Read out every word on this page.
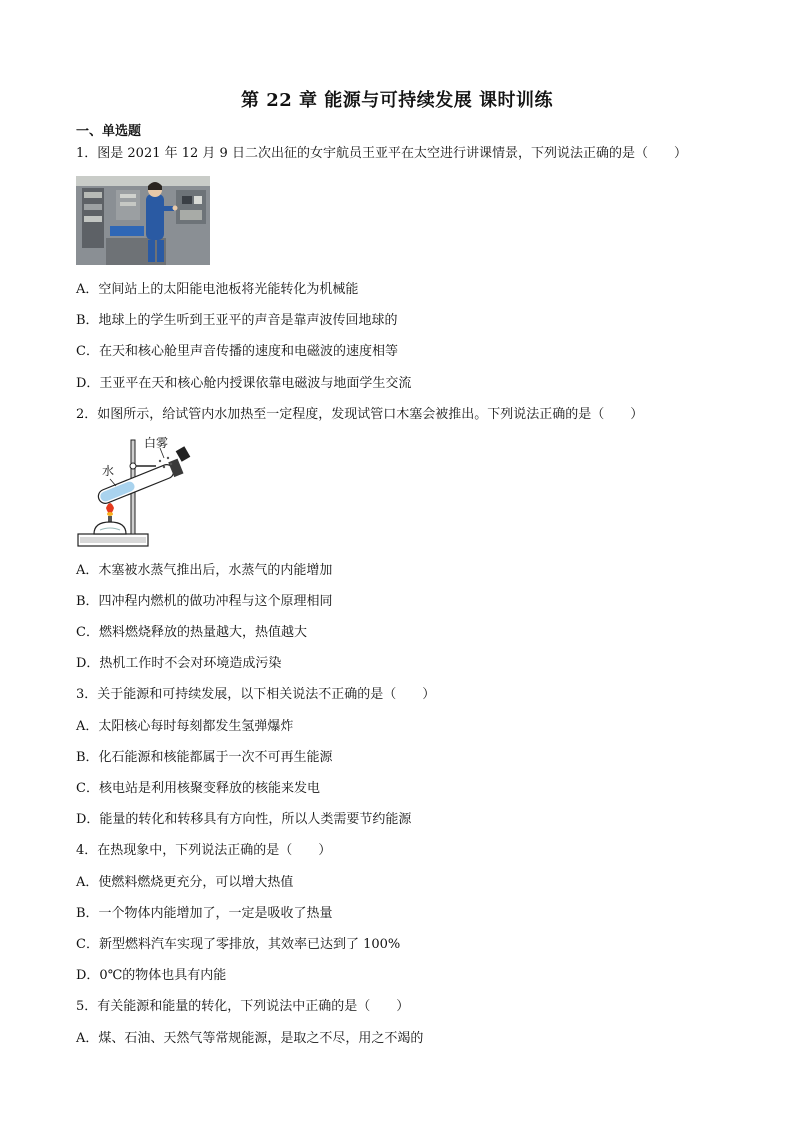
第 22 章 能源与可持续发展 课时训练
一、单选题
1．图是 2021 年 12 月 9 日二次出征的女宇航员王亚平在太空进行讲课情景，下列说法正确的是（　　）
A．空间站上的太阳能电池板将光能转化为机械能
B．地球上的学生听到王亚平的声音是靠声波传回地球的
C．在天和核心舱里声音传播的速度和电磁波的速度相等
D．王亚平在天和核心舱内授课依靠电磁波与地面学生交流
2．如图所示，给试管内水加热至一定程度，发现试管口木塞会被推出。下列说法正确的是（　　）
白雾
水
A．木塞被水蒸气推出后，水蒸气的内能增加
B．四冲程内燃机的做功冲程与这个原理相同
C．燃料燃烧释放的热量越大，热值越大
D．热机工作时不会对环境造成污染
3．关于能源和可持续发展，以下相关说法不正确的是（　　）
A．太阳核心每时每刻都发生氢弹爆炸
B．化石能源和核能都属于一次不可再生能源
C．核电站是利用核聚变释放的核能来发电
D．能量的转化和转移具有方向性，所以人类需要节约能源
4．在热现象中，下列说法正确的是（　　）
A．使燃料燃烧更充分，可以增大热值
B．一个物体内能增加了，一定是吸收了热量
C．新型燃料汽车实现了零排放，其效率已达到了 100%
D．0℃的物体也具有内能
5．有关能源和能量的转化，下列说法中正确的是（　　）
A．煤、石油、天然气等常规能源，是取之不尽，用之不竭的
